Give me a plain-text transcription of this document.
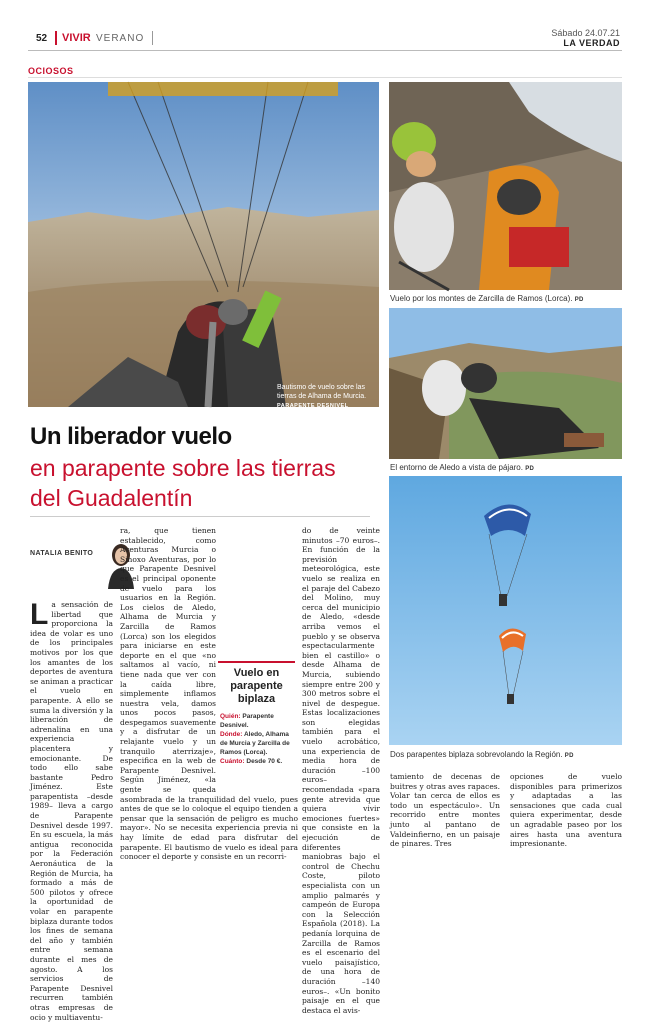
52 VIVIR VERANO	Sábado 24.07.21
LA VERDAD
OCIOSOS
Bautismo de vuelo sobre las tierras de Alhama de Murcia.
PARAPENTE DESNIVEL
Vuelo por los montes de Zarcilla de Ramos (Lorca). PD
El entorno de Aledo a vista de pájaro. PD
Dos parapentes biplaza sobrevolando la Región. PD
Un liberador vuelo
en parapente sobre las tierras del Guadalentín
NATALIA BENITO
La sensación de libertad que proporciona la idea de volar es uno de los principales motivos por los que los amantes de los deportes de aventura se animan a practicar el vuelo en parapente. A ello se suma la diversión y la liberación de adrenalina en una experiencia placentera y emocionante. De todo ello sabe bastante Pedro Jiménez. Este parapentista –desde 1989– lleva a cargo de Parapente Desnivel desde 1997. En su escuela, la más antigua reconocida por la Federación Aeronáutica de la Región de Murcia, ha formado a más de 500 pilotos y ofrece la oportunidad de volar en parapente biplaza durante todos los fines de semana del año y también entre semana durante el mes de agosto. A los servicios de Parapente Desnivel recurren también otras empresas de ocio y multiaventu-
ra, que tienen establecido, como Aventuras Murcia o Sinoxo Aventuras, por lo que Parapente Desnivel es el principal oponente de vuelo para los usuarios en la Región. Los cielos de Aledo, Alhama de Murcia y Zarcilla de Ramos (Lorca) son los elegidos para iniciarse en este deporte en el que «no saltamos al vacío, ni tiene nada que ver con la caída libre, simplemente inflamos nuestra vela, damos unos pocos pasos, despegamos suavemente y a disfrutar de un relajante vuelo y un tranquilo aterrizaje», especifica en la web de Parapente Desnivel. Según Jiménez, «la gente se queda asombrada de la tranquilidad del vuelo, pues antes de que se lo coloque el equipo tienden a pensar que la sensación de peligro es mucho mayor». No se necesita experiencia previa ni hay límite de edad para disfrutar del parapente. El bautismo de vuelo es ideal para conocer el deporte y consiste en un recorri-
do de veinte minutos –70 euros–. En función de la previsión meteorológica, este vuelo se realiza en el paraje del Cabezo del Molino, muy cerca del municipio de Aledo, «desde arriba vemos el pueblo y se observa espectacularmente bien el castillo» o desde Alhama de Murcia, subiendo siempre entre 200 y 300 metros sobre el nivel de despegue. Estas localizaciones son elegidas también para el vuelo acrobático, una experiencia de media hora de duración –100 euros– recomendada «para gente atrevida que quiera vivir emociones fuertes» que consiste en la ejecución de diferentes maniobras bajo el control de Chechu Coste, piloto especialista con un amplio palmarés y campeón de Europa con la Selección Española (2018). La pedanía lorquina de Zarcilla de Ramos es el escenario del vuelo paisajístico, de una hora de duración –140 euros–. «Un bonito paisaje en el que destaca el avis-
tamiento de decenas de buitres y otras aves rapaces. Volar tan cerca de ellos es todo un espectáculo». Un recorrido entre montes junto al pantano de Valdeinfierno, en un paisaje de pinares. Tres
opciones de vuelo disponibles para primerizos y adaptadas a las sensaciones que cada cual quiera experimentar, desde un agradable paseo por los aires hasta una aventura impresionante.
Vuelo en parapente biplaza
Quién: Parapente Desnivel.
Dónde: Aledo, Alhama de Murcia y Zarcilla de Ramos (Lorca).
Cuánto: Desde 70 €.
